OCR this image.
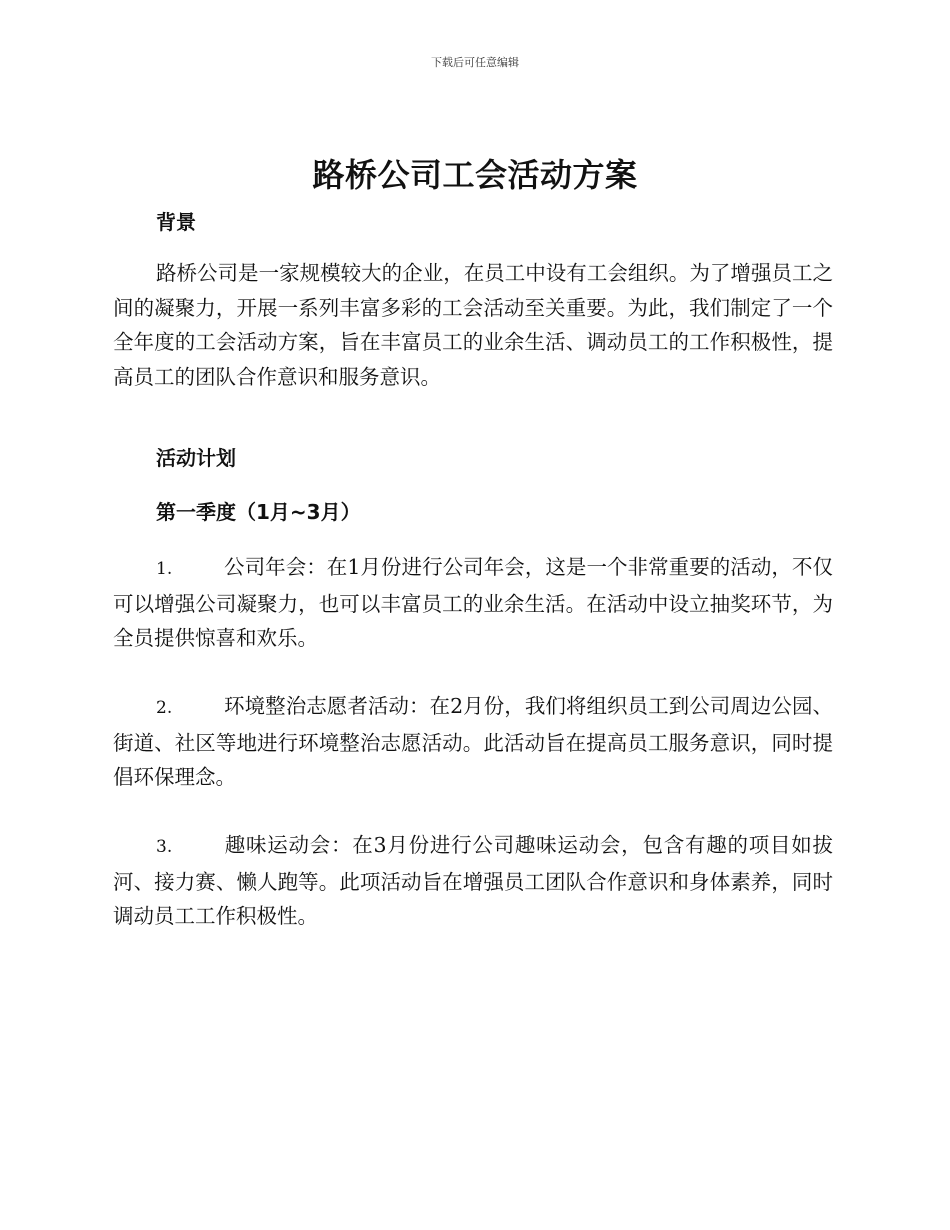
下载后可任意编辑
路桥公司工会活动方案
背景

路桥公司是一家规模较大的企业，在员工中设有工会组织。为了增强员工之间的凝聚力，开展一系列丰富多彩的工会活动至关重要。为此，我们制定了一个全年度的工会活动方案，旨在丰富员工的业余生活、调动员工的工作积极性，提高员工的团队合作意识和服务意识。

活动计划
第一季度（1月~3月）

1.	公司年会：在1月份进行公司年会，这是一个非常重要的活动，不仅可以增强公司凝聚力，也可以丰富员工的业余生活。在活动中设立抽奖环节，为全员提供惊喜和欢乐。

2.	环境整治志愿者活动：在2月份，我们将组织员工到公司周边公园、街道、社区等地进行环境整治志愿活动。此活动旨在提高员工服务意识，同时提倡环保理念。

3.	趣味运动会：在3月份进行公司趣味运动会，包含有趣的项目如拔河、接力赛、懒人跑等。此项活动旨在增强员工团队合作意识和身体素养，同时调动员工工作积极性。
